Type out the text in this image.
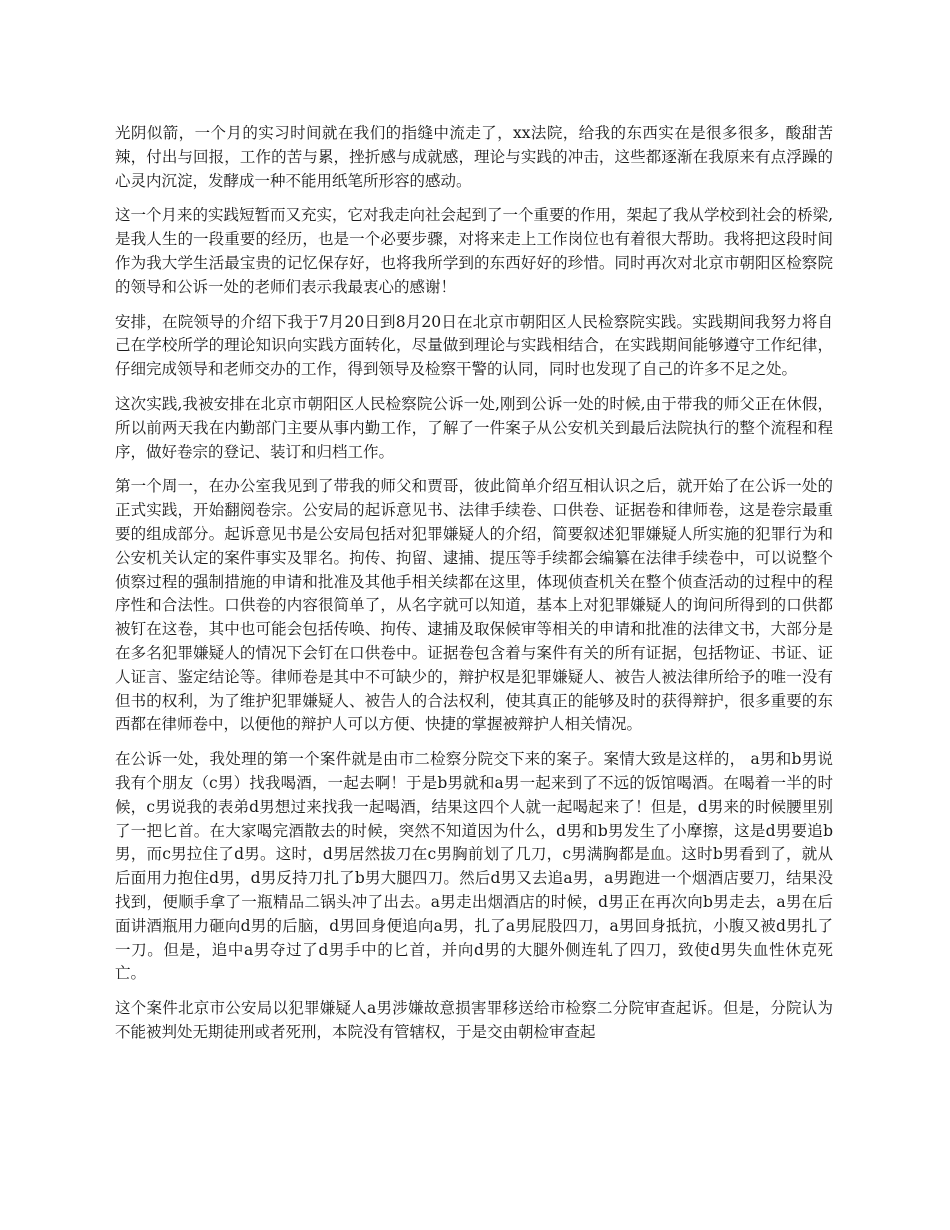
光阴似箭，一个月的实习时间就在我们的指缝中流走了，xx法院，给我的东西实在是很多很多，酸甜苦辣，付出与回报，工作的苦与累，挫折感与成就感，理论与实践的冲击，这些都逐渐在我原来有点浮躁的心灵内沉淀，发酵成一种不能用纸笔所形容的感动。

这一个月来的实践短暂而又充实，它对我走向社会起到了一个重要的作用，架起了我从学校到社会的桥梁,是我人生的一段重要的经历，也是一个必要步骤，对将来走上工作岗位也有着很大帮助。我将把这段时间作为我大学生活最宝贵的记忆保存好，也将我所学到的东西好好的珍惜。同时再次对北京市朝阳区检察院的领导和公诉一处的老师们表示我最衷心的感谢！

安排，在院领导的介绍下我于7月20日到8月20日在北京市朝阳区人民检察院实践。实践期间我努力将自己在学校所学的理论知识向实践方面转化，尽量做到理论与实践相结合，在实践期间能够遵守工作纪律，仔细完成领导和老师交办的工作，得到领导及检察干警的认同，同时也发现了自己的许多不足之处。

这次实践,我被安排在北京市朝阳区人民检察院公诉一处,刚到公诉一处的时候,由于带我的师父正在休假，所以前两天我在内勤部门主要从事内勤工作，了解了一件案子从公安机关到最后法院执行的整个流程和程序，做好卷宗的登记、装订和归档工作。

第一个周一，在办公室我见到了带我的师父和贾哥，彼此简单介绍互相认识之后，就开始了在公诉一处的正式实践，开始翻阅卷宗。公安局的起诉意见书、法律手续卷、口供卷、证据卷和律师卷，这是卷宗最重要的组成部分。起诉意见书是公安局包括对犯罪嫌疑人的介绍，简要叙述犯罪嫌疑人所实施的犯罪行为和公安机关认定的案件事实及罪名。拘传、拘留、逮捕、提压等手续都会编纂在法律手续卷中，可以说整个侦察过程的强制措施的申请和批准及其他手相关续都在这里，体现侦查机关在整个侦查活动的过程中的程序性和合法性。口供卷的内容很简单了，从名字就可以知道，基本上对犯罪嫌疑人的询问所得到的口供都被钉在这卷，其中也可能会包括传唤、拘传、逮捕及取保候审等相关的申请和批准的法律文书，大部分是在多名犯罪嫌疑人的情况下会钉在口供卷中。证据卷包含着与案件有关的所有证据，包括物证、书证、证人证言、鉴定结论等。律师卷是其中不可缺少的，辩护权是犯罪嫌疑人、被告人被法律所给予的唯一没有但书的权利，为了维护犯罪嫌疑人、被告人的合法权利，使其真正的能够及时的获得辩护，很多重要的东西都在律师卷中，以便他的辩护人可以方便、快捷的掌握被辩护人相关情况。

在公诉一处，我处理的第一个案件就是由市二检察分院交下来的案子。案情大致是这样的， a男和b男说我有个朋友（c男）找我喝酒，一起去啊！于是b男就和a男一起来到了不远的饭馆喝酒。在喝着一半的时候，c男说我的表弟d男想过来找我一起喝酒，结果这四个人就一起喝起来了！但是，d男来的时候腰里别了一把匕首。在大家喝完酒散去的时候，突然不知道因为什么，d男和b男发生了小摩擦，这是d男要追b男，而c男拉住了d男。这时，d男居然拔刀在c男胸前划了几刀，c男满胸都是血。这时b男看到了，就从后面用力抱住d男，d男反持刀扎了b男大腿四刀。然后d男又去追a男，a男跑进一个烟酒店要刀，结果没找到，便顺手拿了一瓶精品二锅头冲了出去。a男走出烟酒店的时候，d男正在再次向b男走去，a男在后面讲酒瓶用力砸向d男的后脑，d男回身便追向a男，扎了a男屁股四刀，a男回身抵抗，小腹又被d男扎了一刀。但是，追中a男夺过了d男手中的匕首，并向d男的大腿外侧连轧了四刀，致使d男失血性休克死亡。

这个案件北京市公安局以犯罪嫌疑人a男涉嫌故意损害罪移送给市检察二分院审查起诉。但是，分院认为不能被判处无期徒刑或者死刑，本院没有管辖权，于是交由朝检审查起
